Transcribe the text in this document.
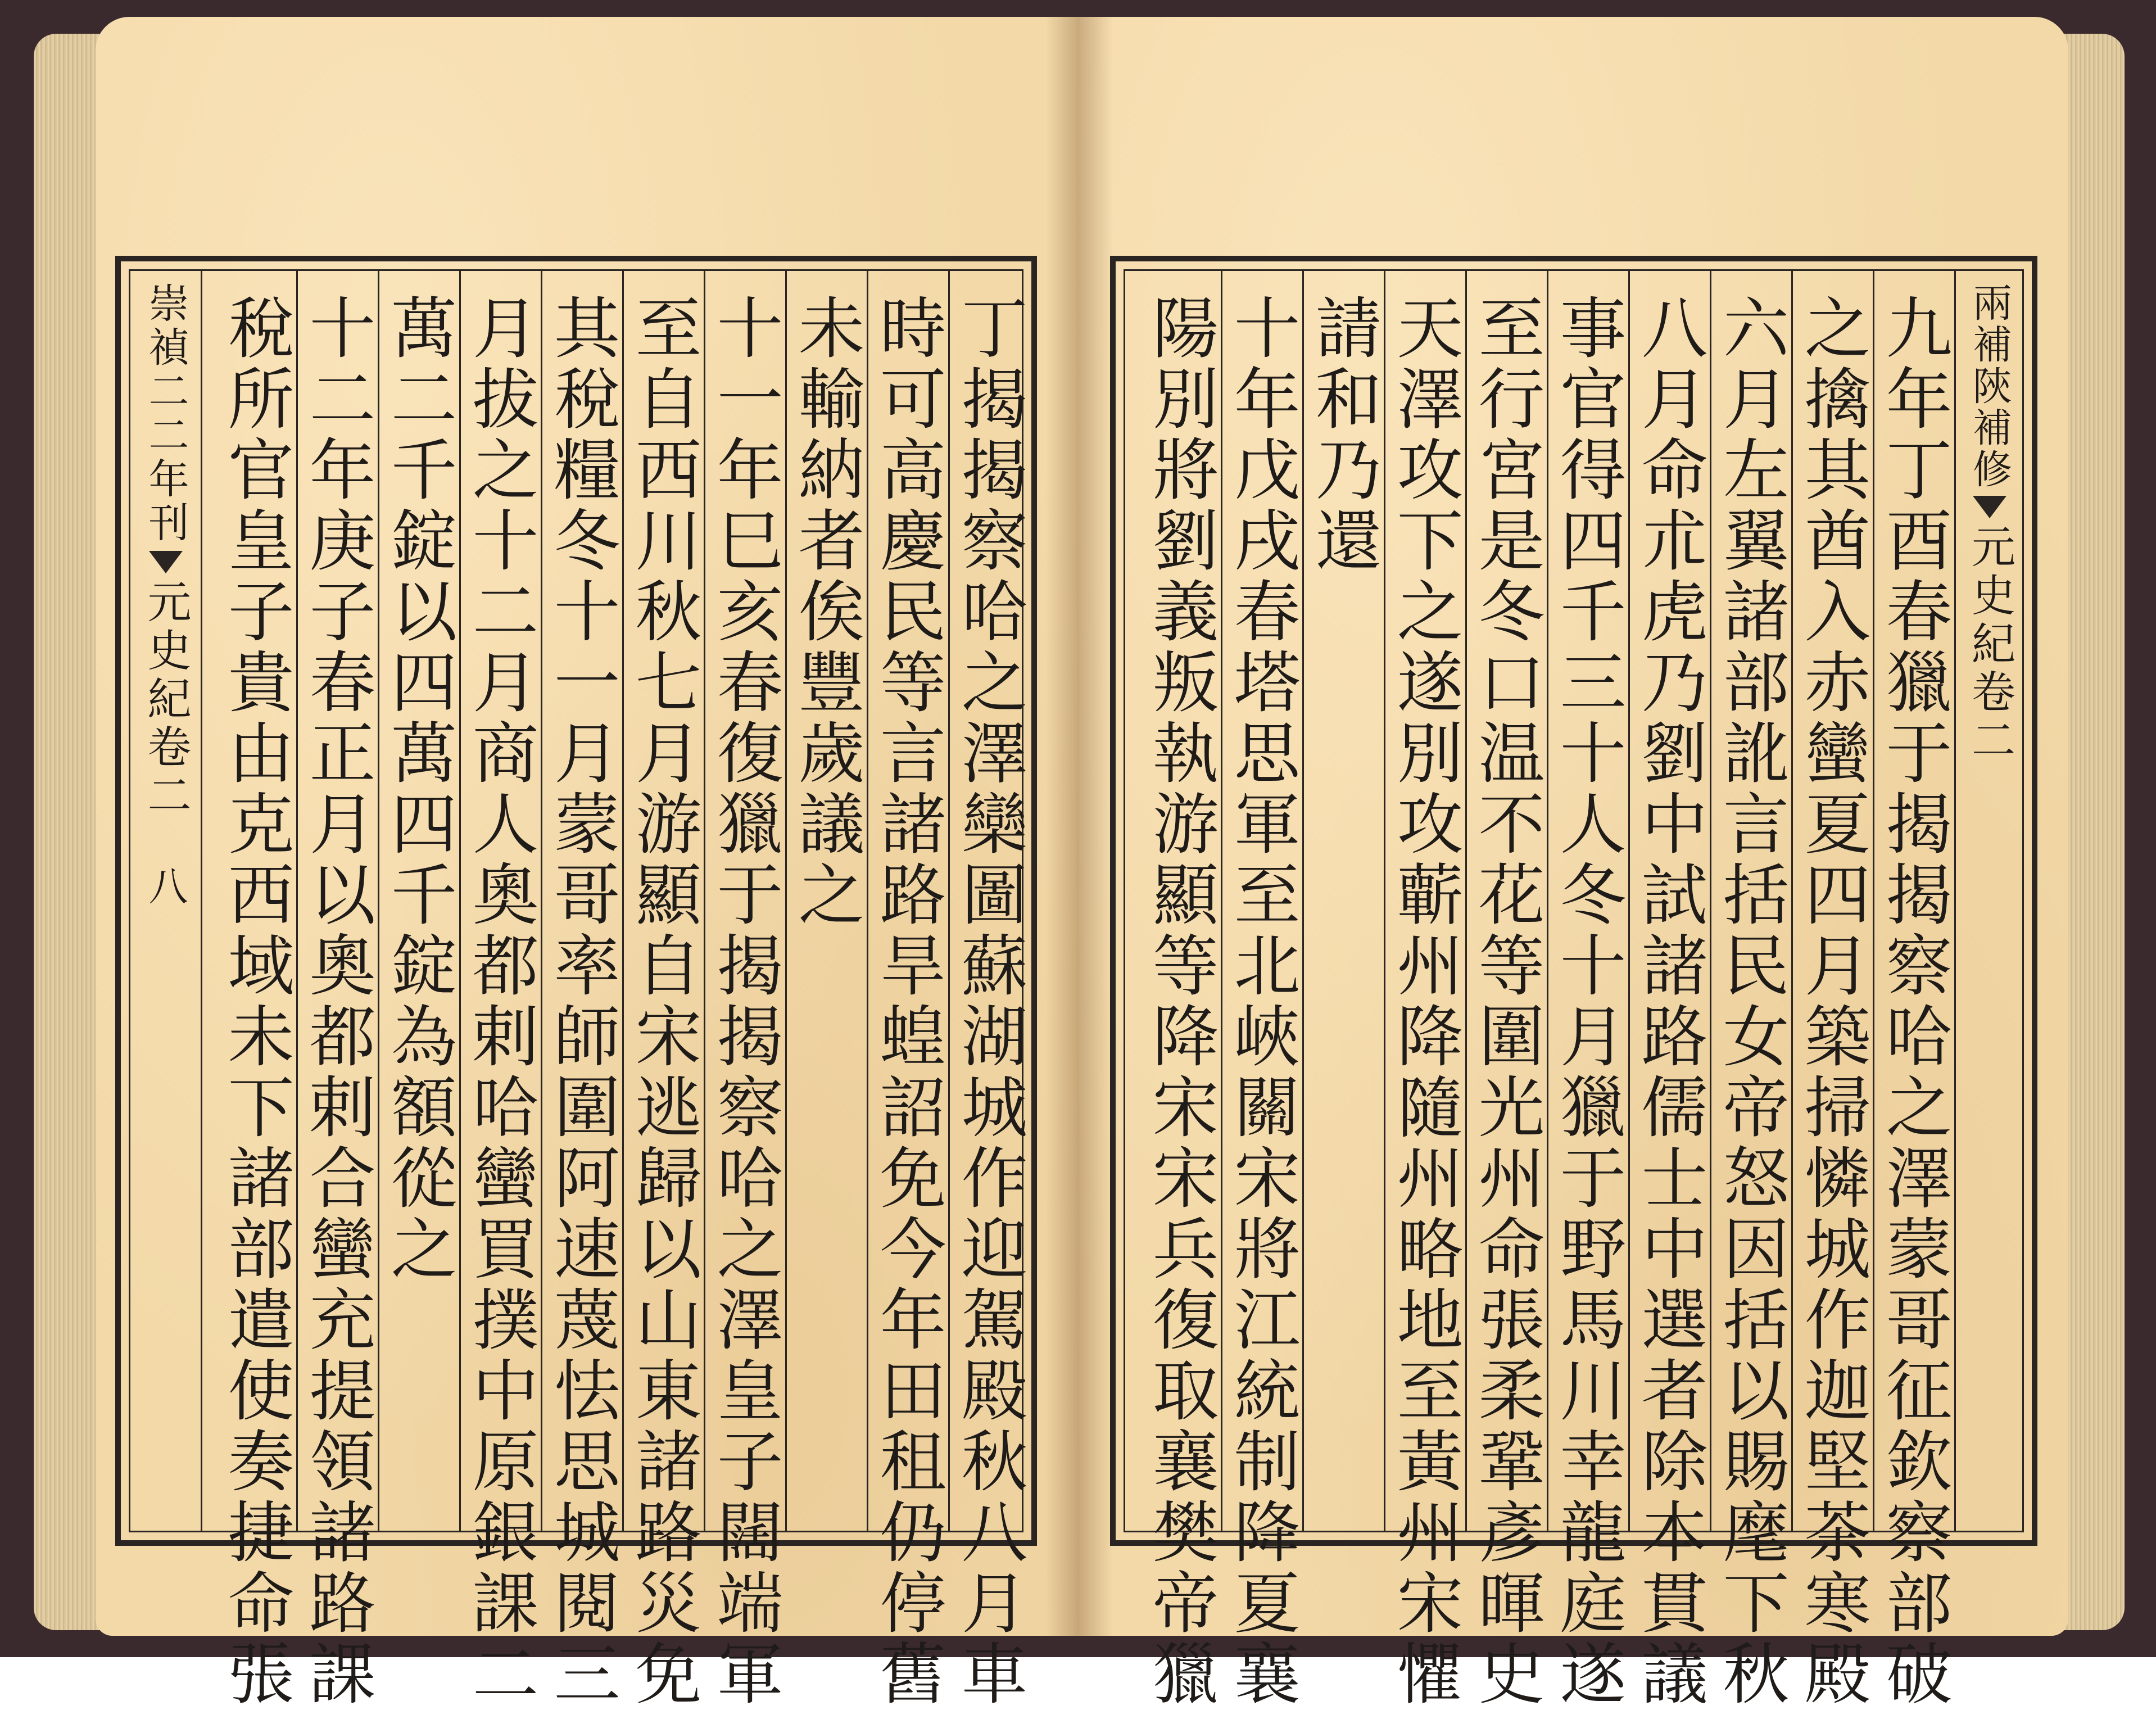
崇禎二二年刊
元史紀卷二
八	丁揭揭察哈之澤欒圖蘇湖城作迎駕殿秋八月車
時可高慶民等言諸路旱蝗詔免今年田租仍停舊
未輸納者俟豐歲議之
十一年巳亥春復獵于揭揭察哈之澤皇子闊端軍
至自西川秋七月游顯自宋逃歸以山東諸路災免
其稅糧冬十一月蒙哥率師圍阿速蔑怯思城閱三
月拔之十二月商人奧都剌哈蠻買撲中原銀課二
萬二千錠以四萬四千錠為額從之
十二年庚子春正月以奧都剌合蠻充提領諸路課
稅所官皇子貴由克西域未下諸部遣使奏捷命張	九年丁酉春獵于揭揭察哈之澤蒙哥征欽察部破
之擒其酋入赤蠻夏四月築掃憐城作迦堅茶寒殿
六月左翼諸部訛言括民女帝怒因括以賜麾下秋
八月命朮虎乃劉中試諸路儒士中選者除本貫議
事官得四千三十人冬十月獵于野馬川幸龍庭遂
至行宮是冬口温不花等圍光州命張柔鞏彥暉史
天澤攻下之遂別攻蘄州降隨州略地至黃州宋懼
請和乃還
十年戊戌春塔思軍至北峽關宋將江統制降夏襄
陽別將劉義叛執游顯等降宋宋兵復取襄樊帝獵	兩補陝補修
元史紀卷二
